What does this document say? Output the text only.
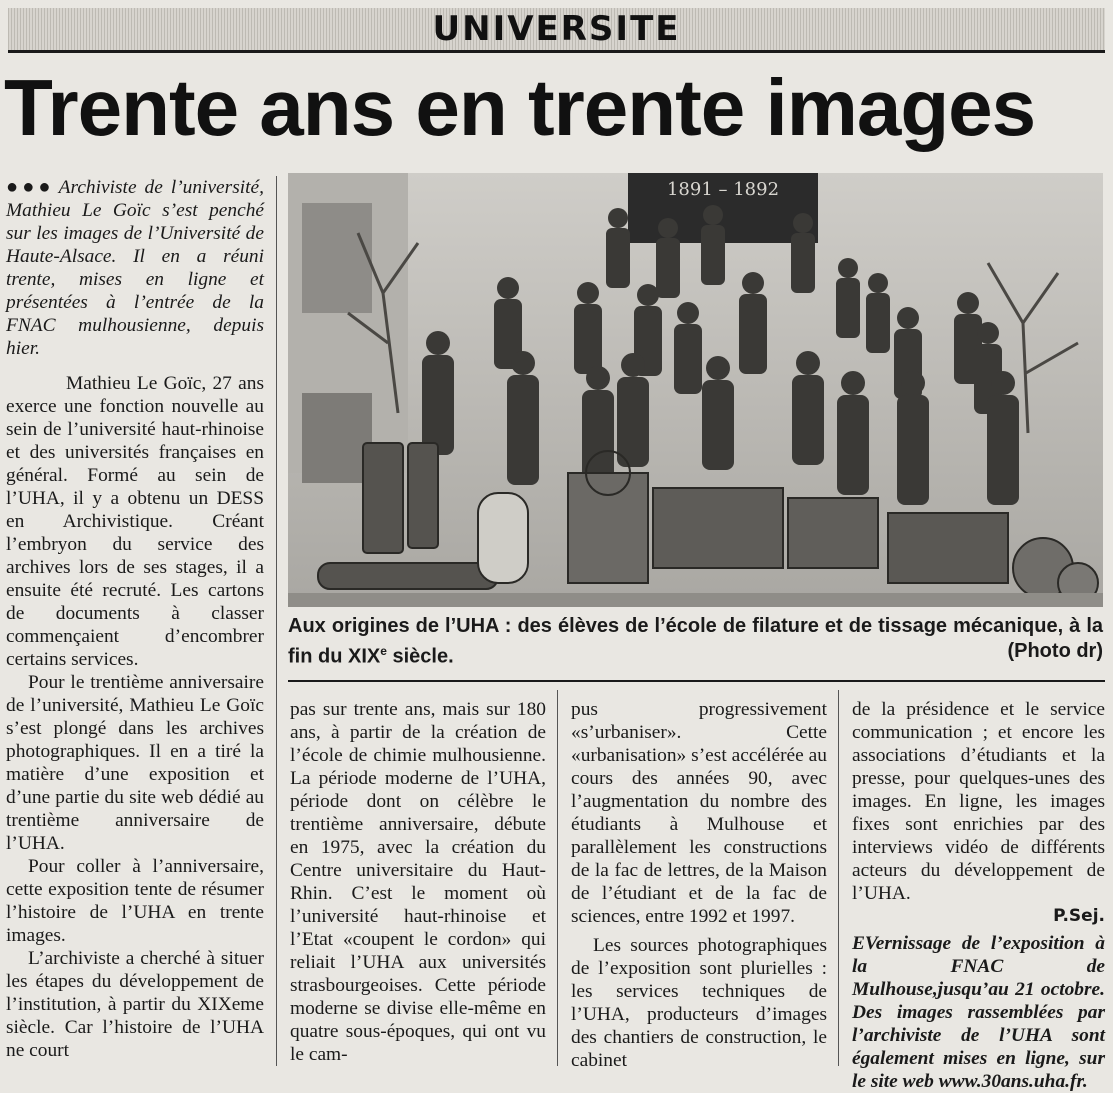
UNIVERSITE
Trente ans en trente images

●●● Archiviste de l’université, Mathieu Le Goïc s’est penché sur les images de l’Université de Haute-Alsace. Il en a réuni trente, mises en ligne et présentées à l’entrée de la FNAC mulhousienne, depuis hier.

Mathieu Le Goïc, 27 ans exerce une fonction nouvelle au sein de l’université haut-rhinoise et des universités françaises en général. Formé au sein de l’UHA, il y a obtenu un DESS en Archivistique. Créant l’embryon du service des archives lors de ses stages, il a ensuite été recruté. Les cartons de documents à classer commençaient d’encombrer certains services.

Pour le trentième anniversaire de l’université, Mathieu Le Goïc s’est plongé dans les archives photographiques. Il en a tiré la matière d’une exposition et d’une partie du site web dédié au trentième anniversaire de l’UHA.

Pour coller à l’anniversaire, cette exposition tente de résumer l’histoire de l’UHA en trente images.

L’archiviste a cherché à situer les étapes du développement de l’institution, à partir du XIXeme siècle. Car l’histoire de l’UHA ne court

1891 – 1892
Aux origines de l’UHA : des élèves de l’école de filature et de tissage mécanique, à la fin du XIXe siècle.	(Photo dr)

pas sur trente ans, mais sur 180 ans, à partir de la création de l’école de chimie mulhousienne. La période moderne de l’UHA, période dont on célèbre le trentième anniversaire, débute en 1975, avec la création du Centre universitaire du Haut-Rhin. C’est le moment où l’université haut-rhinoise et l’Etat «coupent le cordon» qui reliait l’UHA aux universités strasbourgeoises. Cette période moderne se divise elle-même en quatre sous-époques, qui ont vu le cam-

pus progressivement «s’urbaniser». Cette «urbanisation» s’est accélérée au cours des années 90, avec l’augmentation du nombre des étudiants à Mulhouse et parallèlement les constructions de la fac de lettres, de la Maison de l’étudiant et de la fac de sciences, entre 1992 et 1997.

Les sources photographiques de l’exposition sont plurielles : les services techniques de l’UHA, producteurs d’images des chantiers de construction, le cabinet

de la présidence et le service communication ; et encore les associations d’étudiants et la presse, pour quelques-unes des images. En ligne, les images fixes sont enrichies par des interviews vidéo de différents acteurs du développement de l’UHA.

P.Sej.

EVernissage de l’exposition à la FNAC de Mulhouse,jusqu’au 21 octobre. Des images rassemblées par l’archiviste de l’UHA sont également mises en ligne, sur le site web www.30ans.uha.fr.
